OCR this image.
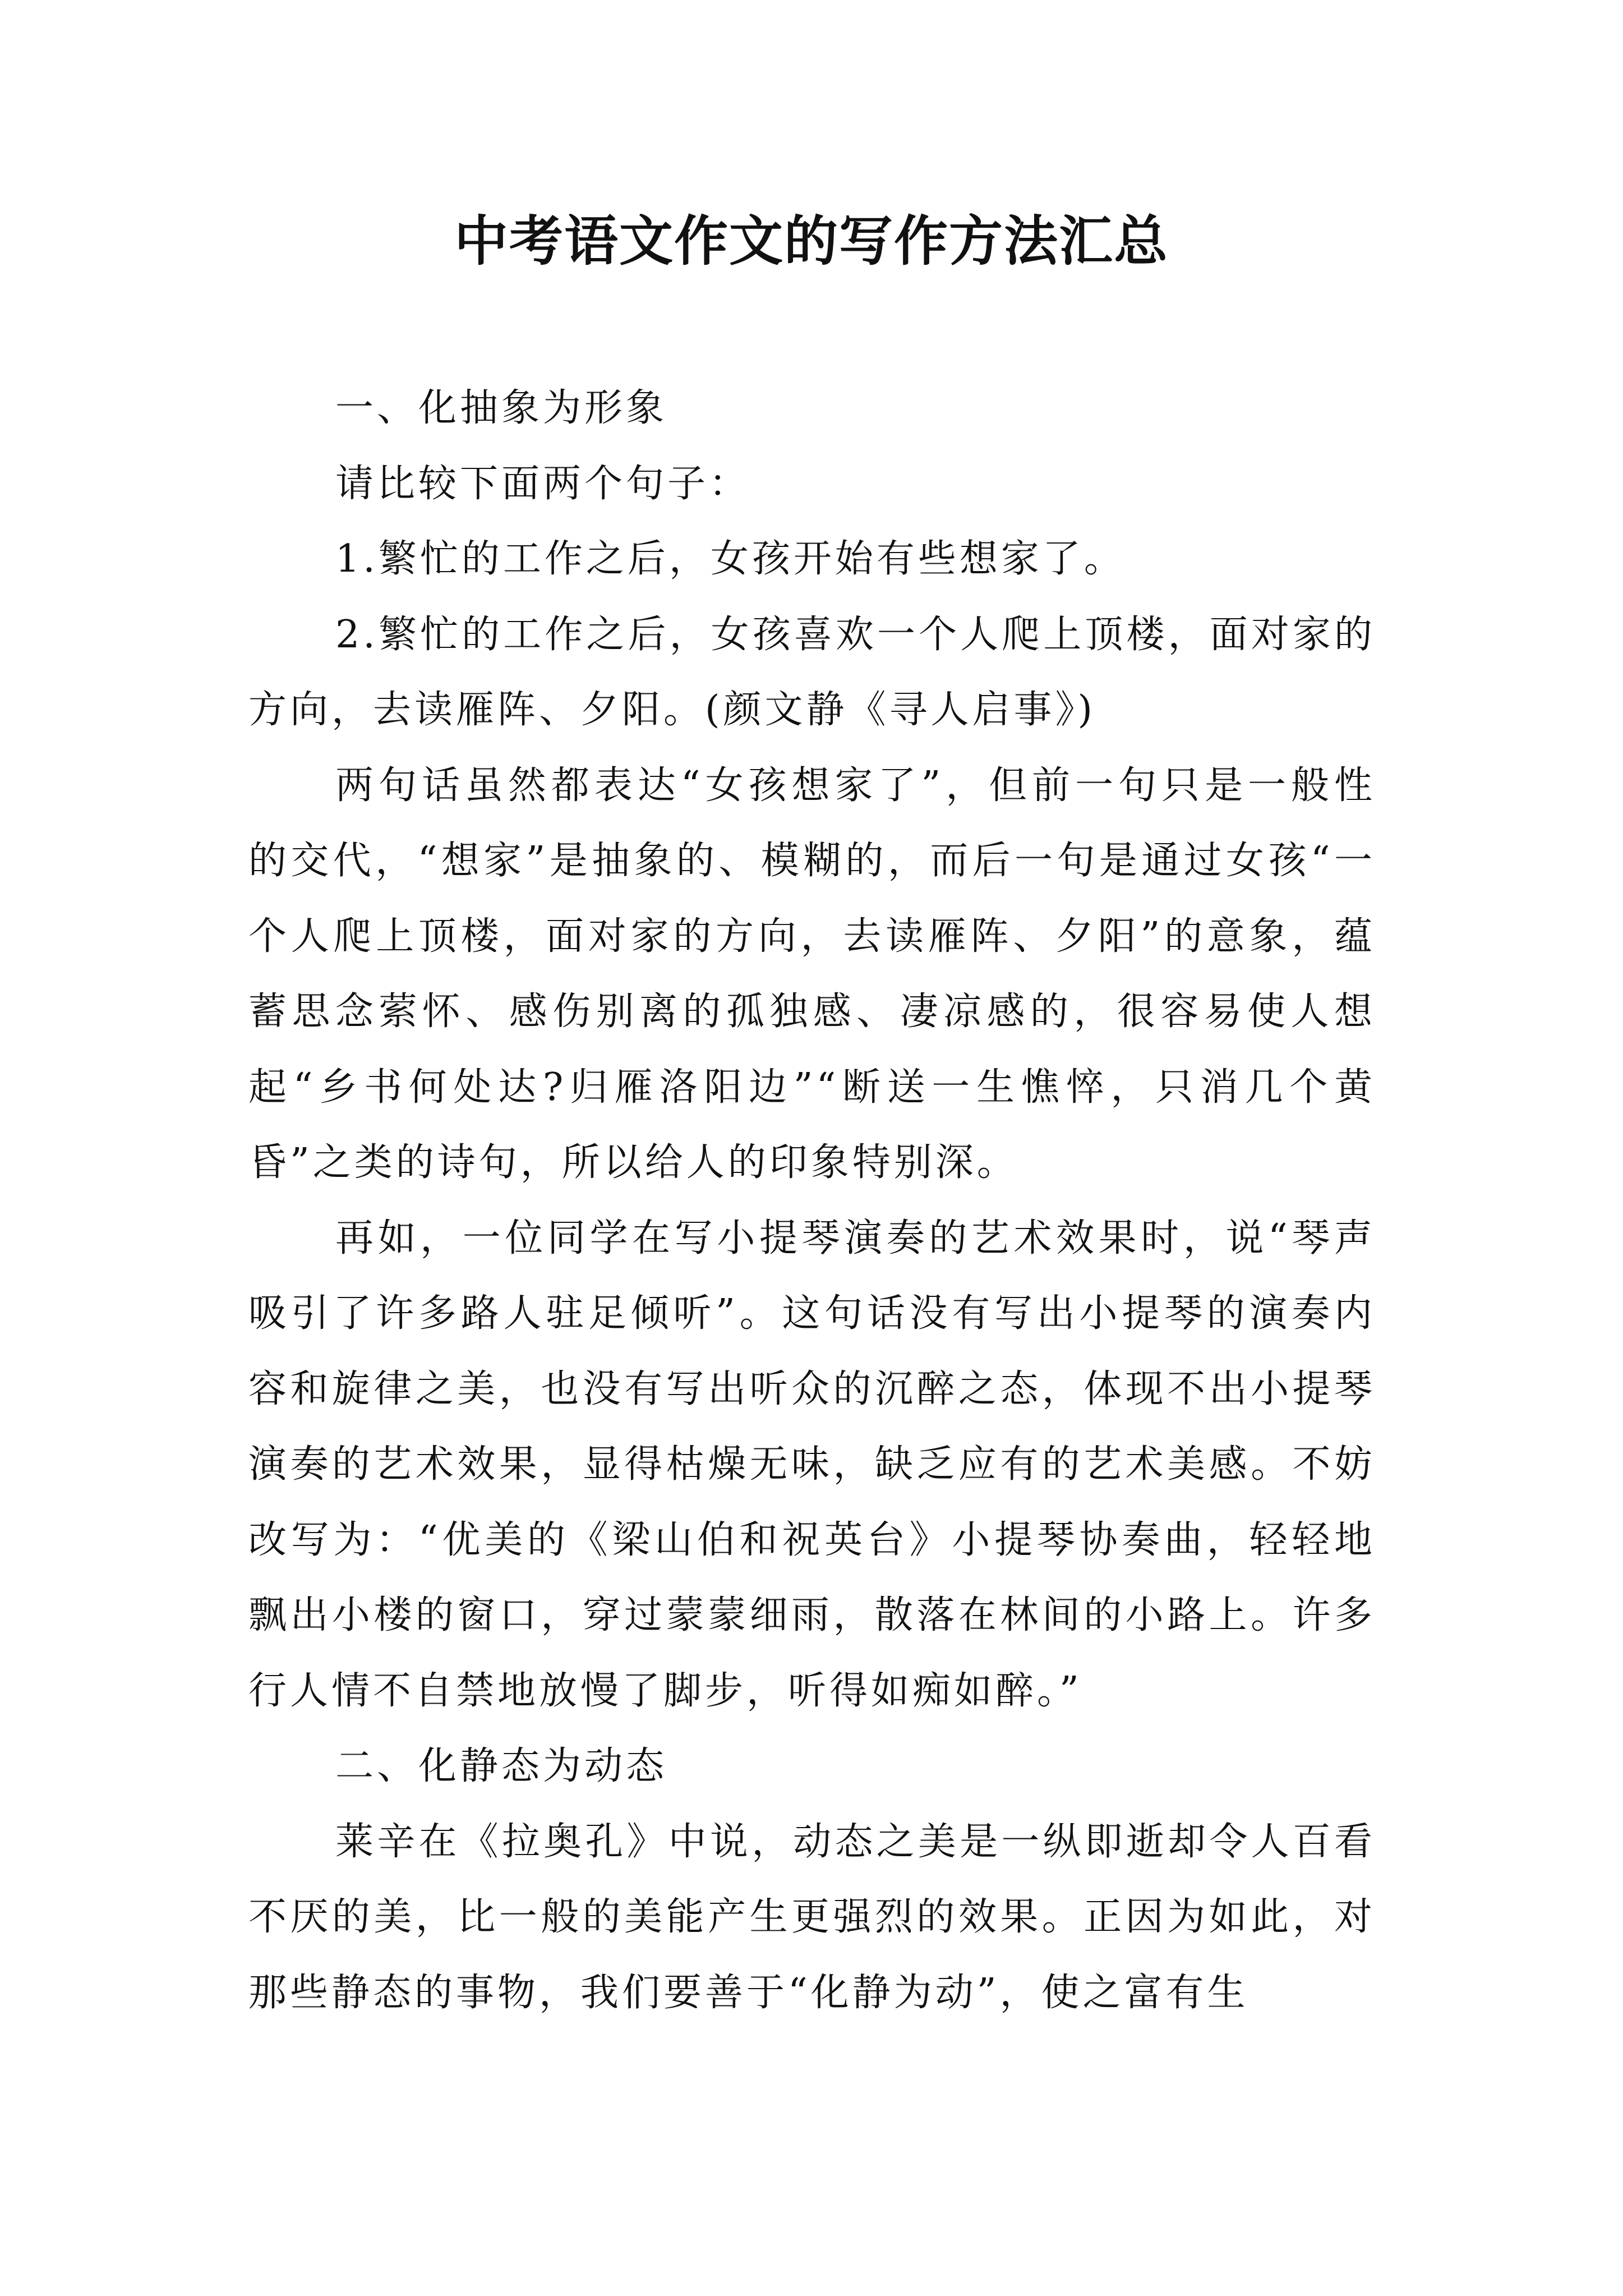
中考语文作文的写作方法汇总

一、化抽象为形象

请比较下面两个句子：

1.繁忙的工作之后，女孩开始有些想家了。

2.繁忙的工作之后，女孩喜欢一个人爬上顶楼，面对家的方向，去读雁阵、夕阳。(颜文静《寻人启事》)

两句话虽然都表达“女孩想家了”，但前一句只是一般性的交代，“想家”是抽象的、模糊的，而后一句是通过女孩“一个人爬上顶楼，面对家的方向，去读雁阵、夕阳”的意象，蕴蓄思念萦怀、感伤别离的孤独感、凄凉感的，很容易使人想起“乡书何处达?归雁洛阳边”“断送一生憔悴，只消几个黄昏”之类的诗句，所以给人的印象特别深。

再如，一位同学在写小提琴演奏的艺术效果时，说“琴声吸引了许多路人驻足倾听”。这句话没有写出小提琴的演奏内容和旋律之美，也没有写出听众的沉醉之态，体现不出小提琴演奏的艺术效果，显得枯燥无味，缺乏应有的艺术美感。不妨改写为：“优美的《梁山伯和祝英台》小提琴协奏曲，轻轻地飘出小楼的窗口，穿过蒙蒙细雨，散落在林间的小路上。许多行人情不自禁地放慢了脚步，听得如痴如醉。”

二、化静态为动态

莱辛在《拉奥孔》中说，动态之美是一纵即逝却令人百看不厌的美，比一般的美能产生更强烈的效果。正因为如此，对那些静态的事物，我们要善于“化静为动”，使之富有生
